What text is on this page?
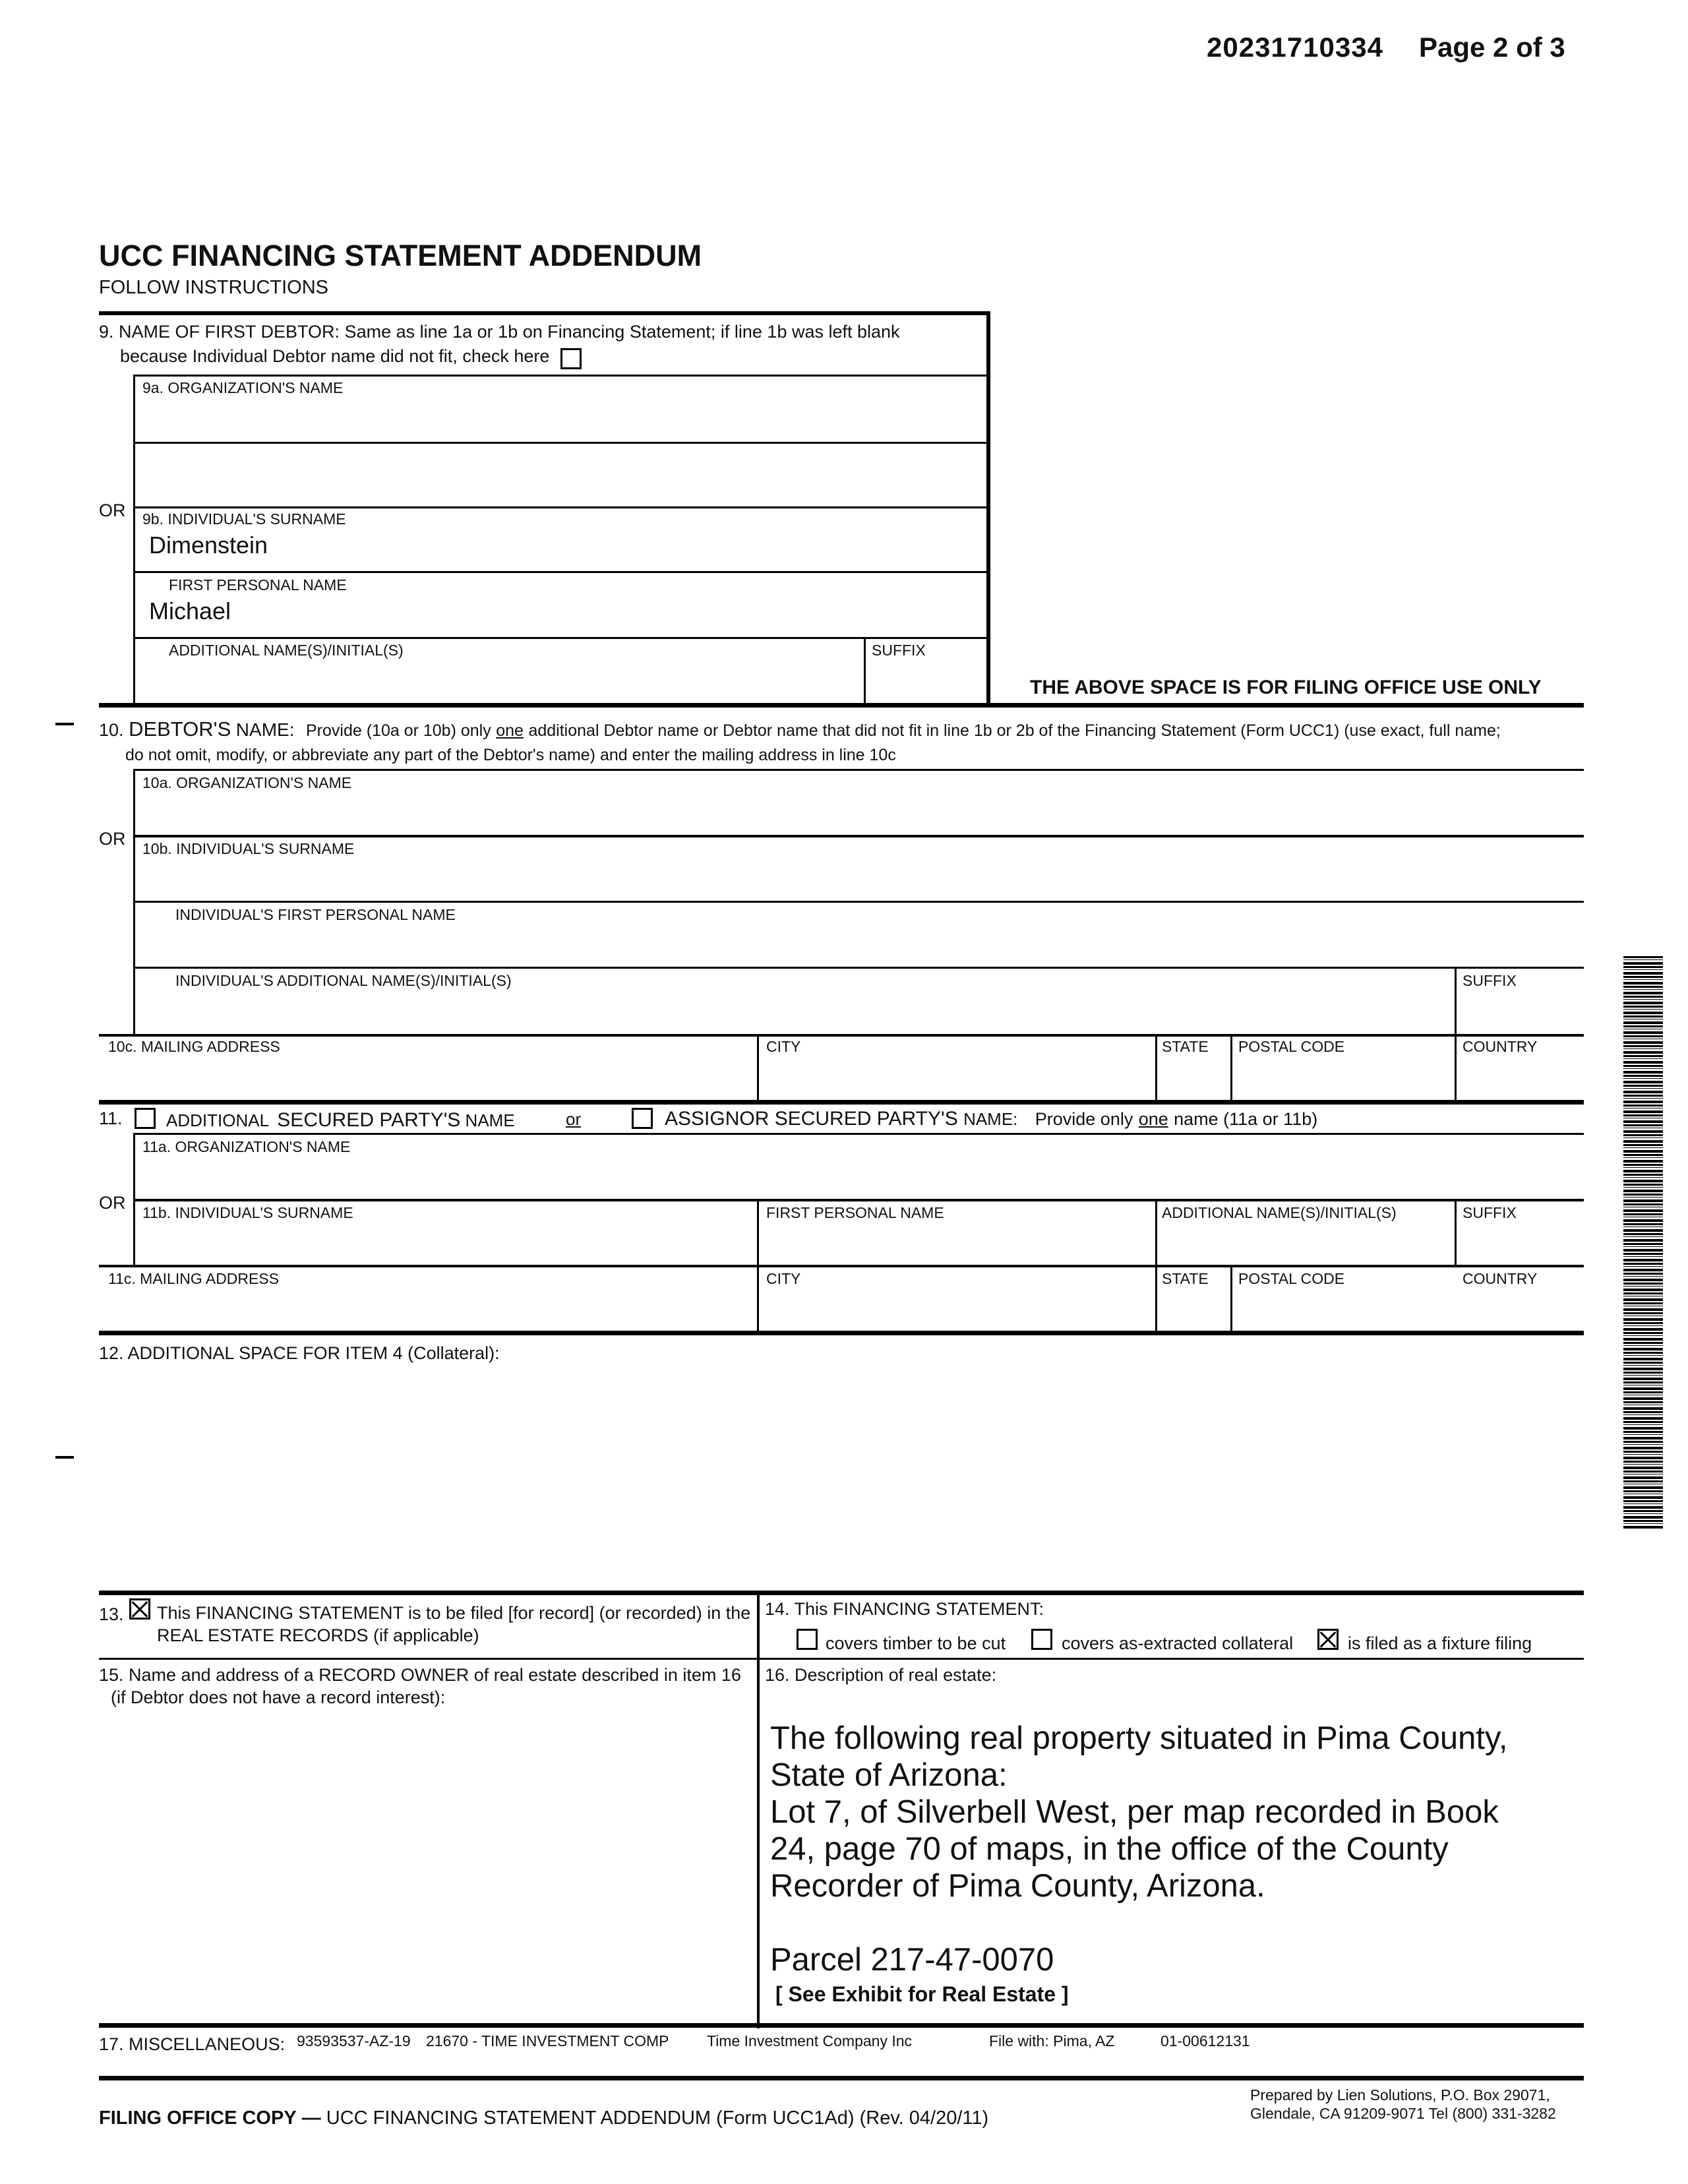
20231710334 Page 2 of 3
UCC FINANCING STATEMENT ADDENDUM
FOLLOW INSTRUCTIONS
9. NAME OF FIRST DEBTOR: Same as line 1a or 1b on Financing Statement; if line 1b was left blank
because Individual Debtor name did not fit, check here
9a. ORGANIZATION'S NAME
OR 9b. INDIVIDUAL'S SURNAME
Dimenstein
FIRST PERSONAL NAME
Michael
ADDITIONAL NAME(S)/INITIAL(S)	SUFFIX
THE ABOVE SPACE IS FOR FILING OFFICE USE ONLY
10. DEBTOR'S NAME: Provide (10a or 10b) only one additional Debtor name or Debtor name that did not fit in line 1b or 2b of the Financing Statement (Form UCC1) (use exact, full name;
do not omit, modify, or abbreviate any part of the Debtor's name) and enter the mailing address in line 10c
10a. ORGANIZATION'S NAME
OR 10b. INDIVIDUAL'S SURNAME
INDIVIDUAL'S FIRST PERSONAL NAME
INDIVIDUAL'S ADDITIONAL NAME(S)/INITIAL(S)	SUFFIX
10c. MAILING ADDRESS	CITY	STATE POSTAL CODE	COUNTRY
11.	ADDITIONAL SECURED PARTY'S NAME	or	ASSIGNOR SECURED PARTY'S NAME: Provide only one name (11a or 11b)
11a. ORGANIZATION'S NAME
OR 11b. INDIVIDUAL'S SURNAME	FIRST PERSONAL NAME	ADDITIONAL NAME(S)/INITIAL(S)	SUFFIX
11c. MAILING ADDRESS	CITY	STATE POSTAL CODE	COUNTRY
12. ADDITIONAL SPACE FOR ITEM 4 (Collateral):
13. This FINANCING STATEMENT is to be filed [for record] (or recorded) in the
REAL ESTATE RECORDS (if applicable)
14. This FINANCING STATEMENT:
covers timber to be cut	covers as-extracted collateral	is filed as a fixture filing
15. Name and address of a RECORD OWNER of real estate described in item 16
(if Debtor does not have a record interest):
16. Description of real estate:
The following real property situated in Pima County,
State of Arizona:
Lot 7, of Silverbell West, per map recorded in Book
24, page 70 of maps, in the office of the County
Recorder of Pima County, Arizona.

Parcel 217-47-0070
[ See Exhibit for Real Estate ]
17. MISCELLANEOUS: 93593537-AZ-19 21670 - TIME INVESTMENT COMP Time Investment Company Inc	File with: Pima, AZ	01-00612131
FILING OFFICE COPY — UCC FINANCING STATEMENT ADDENDUM (Form UCC1Ad) (Rev. 04/20/11)
Prepared by Lien Solutions, P.O. Box 29071,
Glendale, CA 91209-9071 Tel (800) 331-3282
